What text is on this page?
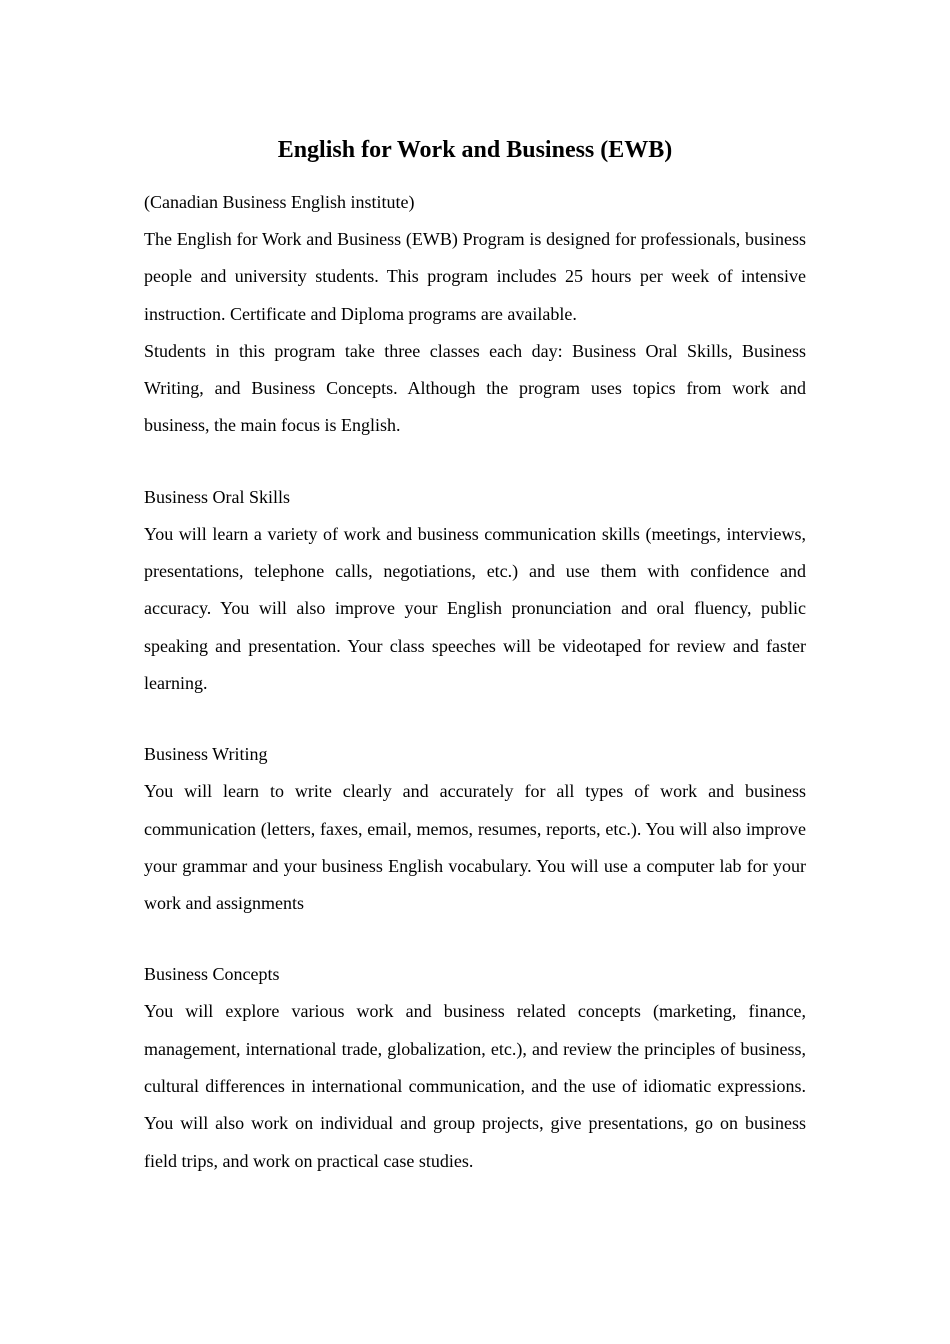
English for Work and Business (EWB)

(Canadian Business English institute)

The English for Work and Business (EWB) Program is designed for professionals, business people and university students. This program includes 25 hours per week of intensive instruction. Certificate and Diploma programs are available.

Students in this program take three classes each day: Business Oral Skills, Business Writing, and Business Concepts. Although the program uses topics from work and business, the main focus is English.

Business Oral Skills

You will learn a variety of work and business communication skills (meetings, interviews, presentations, telephone calls, negotiations, etc.) and use them with confidence and accuracy. You will also improve your English pronunciation and oral fluency, public speaking and presentation. Your class speeches will be videotaped for review and faster learning.

Business Writing

You will learn to write clearly and accurately for all types of work and business communication (letters, faxes, email, memos, resumes, reports, etc.). You will also improve your grammar and your business English vocabulary. You will use a computer lab for your work and assignments

Business Concepts

You will explore various work and business related concepts (marketing, finance, management, international trade, globalization, etc.), and review the principles of business, cultural differences in international communication, and the use of idiomatic expressions. You will also work on individual and group projects, give presentations, go on business field trips, and work on practical case studies.
